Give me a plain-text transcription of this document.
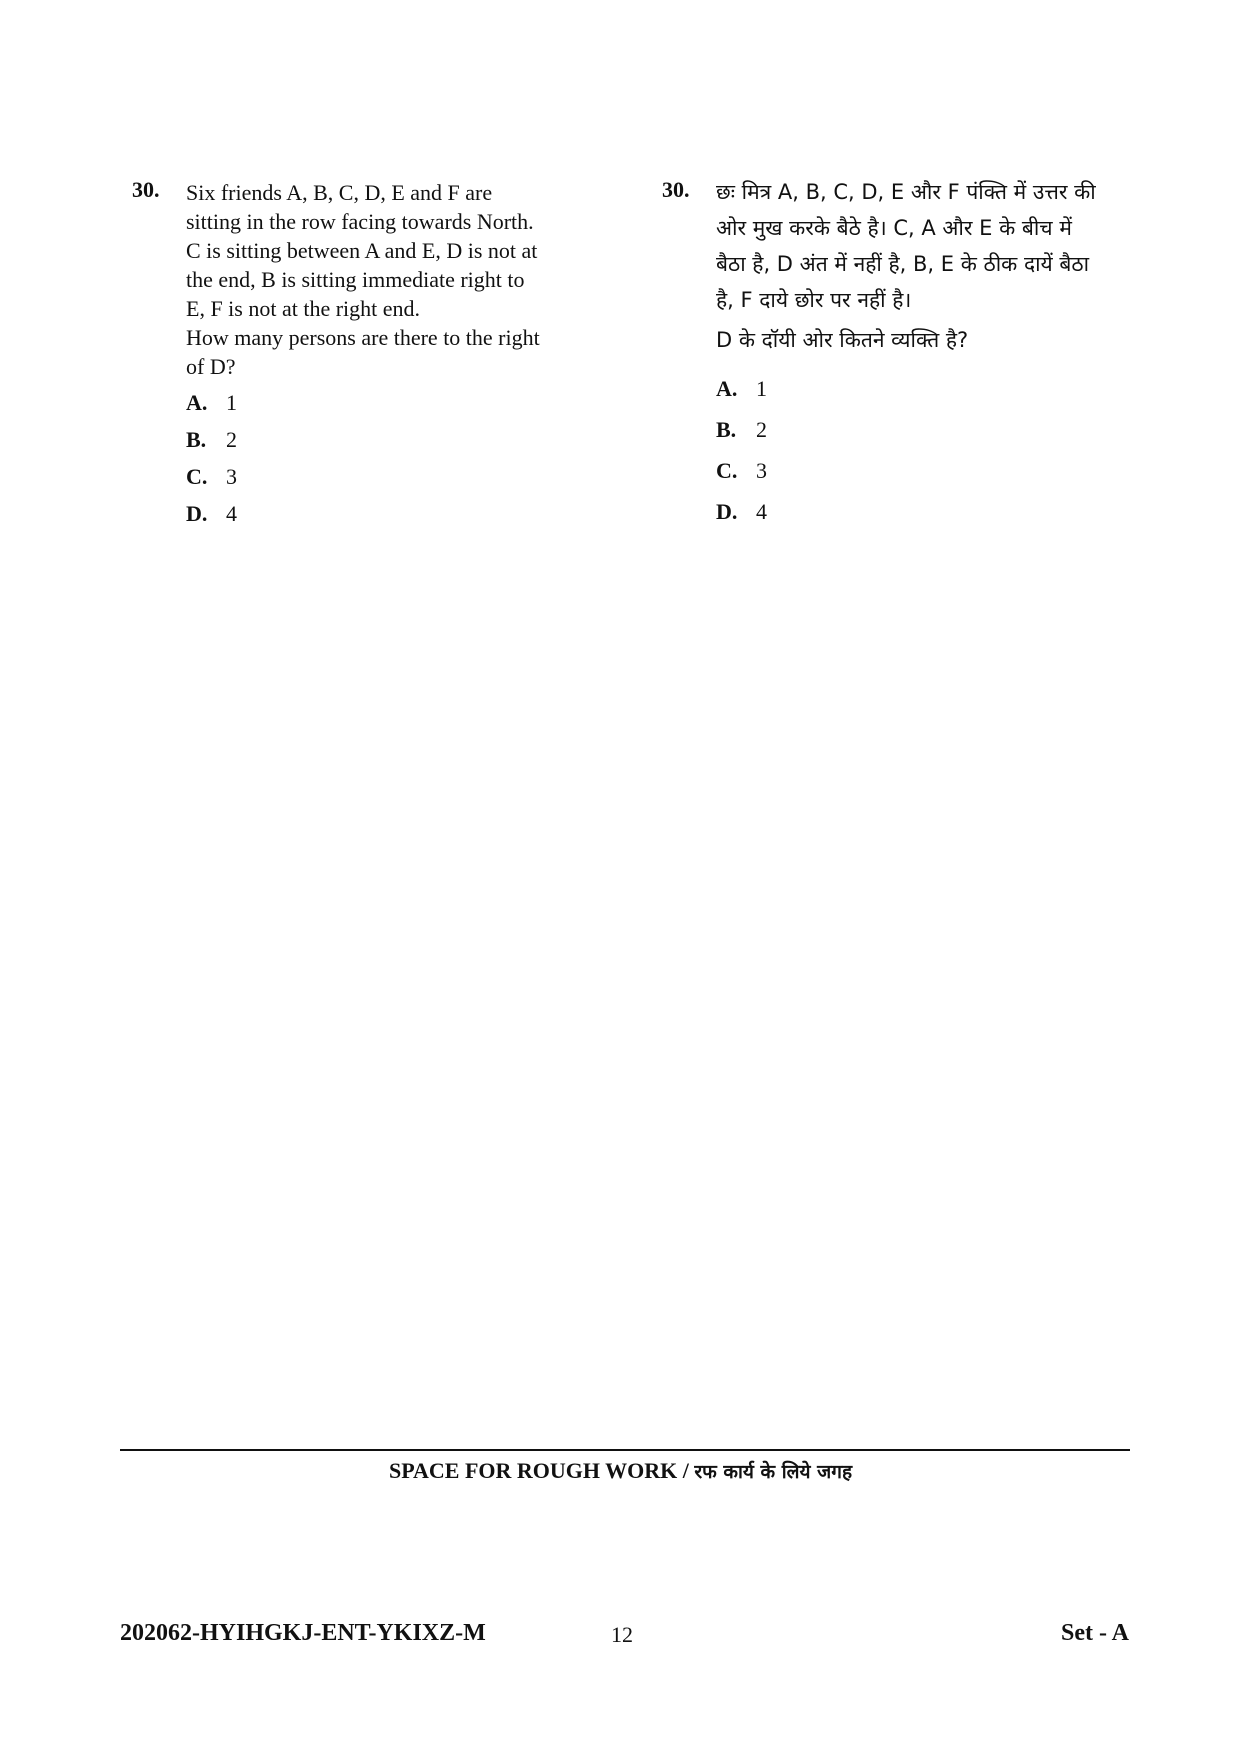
30. Six friends A, B, C, D, E and F are
sitting in the row facing towards North.
C is sitting between A and E, D is not at
the end, B is sitting immediate right to
E, F is not at the right end.
How many persons are there to the right
of D?
A. 1
B. 2
C. 3
D. 4
30. छः मित्र A, B, C, D, E और F पंक्ति में उत्तर की
ओर मुख करके बैठे है। C, A और E के बीच में
बैठा है, D अंत में नहीं है, B, E के ठीक दायें बैठा
है, F दाये छोर पर नहीं है।
D के दॉयी ओर कितने व्यक्ति है?
A. 1
B. 2
C. 3
D. 4
SPACE FOR ROUGH WORK / रफ कार्य के लिये जगह
202062-HYIHGKJ-ENT-YKIXZ-M	12	Set - A
